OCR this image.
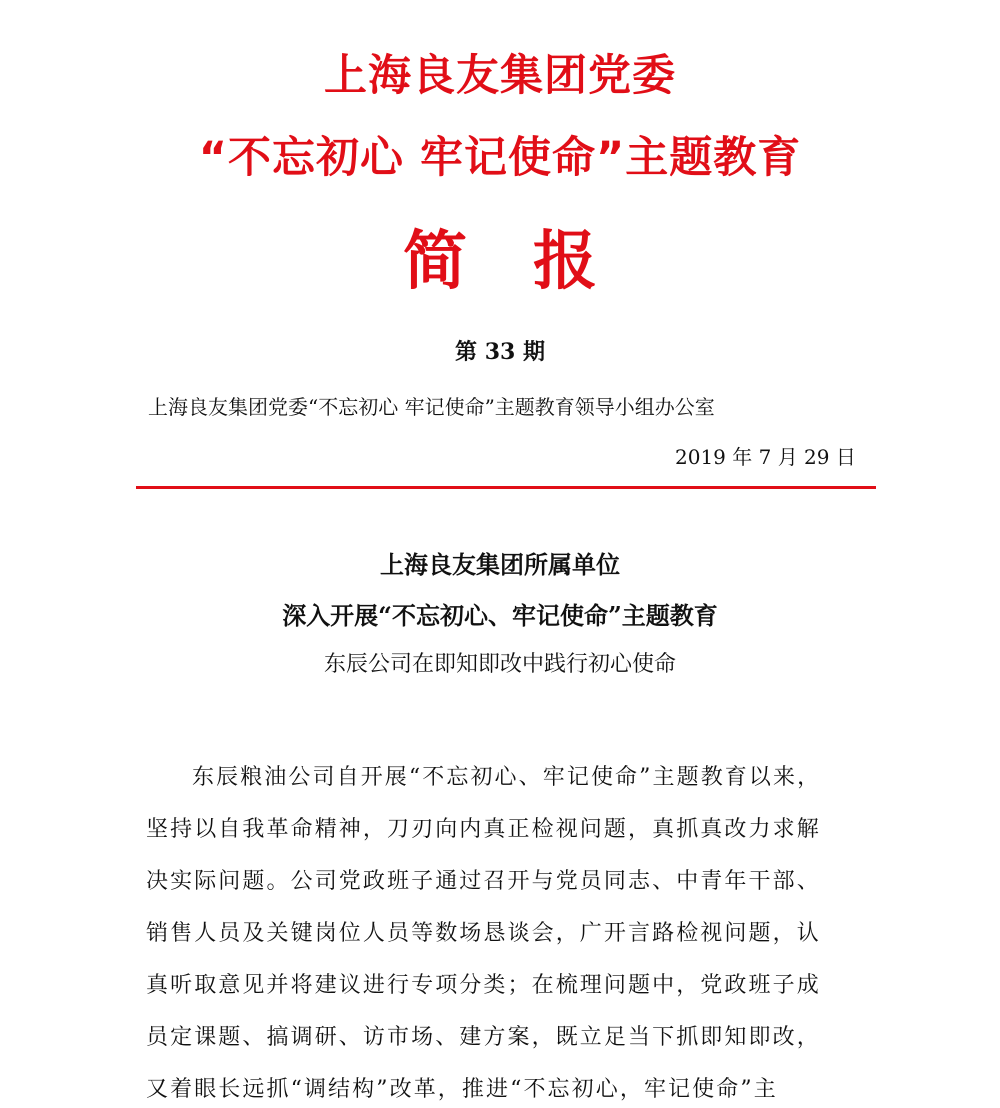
上海良友集团党委
“不忘初心 牢记使命”主题教育
简 报
第 33 期
上海良友集团党委“不忘初心 牢记使命”主题教育领导小组办公室
2019 年 7 月 29 日
上海良友集团所属单位
深入开展“不忘初心、牢记使命”主题教育
东辰公司在即知即改中践行初心使命
东辰粮油公司自开展“不忘初心、牢记使命”主题教育以来，
坚持以自我革命精神，刀刃向内真正检视问题，真抓真改力求解
决实际问题。公司党政班子通过召开与党员同志、中青年干部、
销售人员及关键岗位人员等数场恳谈会，广开言路检视问题，认
真听取意见并将建议进行专项分类；在梳理问题中，党政班子成
员定课题、搞调研、访市场、建方案，既立足当下抓即知即改，
又着眼长远抓“调结构”改革，推进“不忘初心，牢记使命”主
